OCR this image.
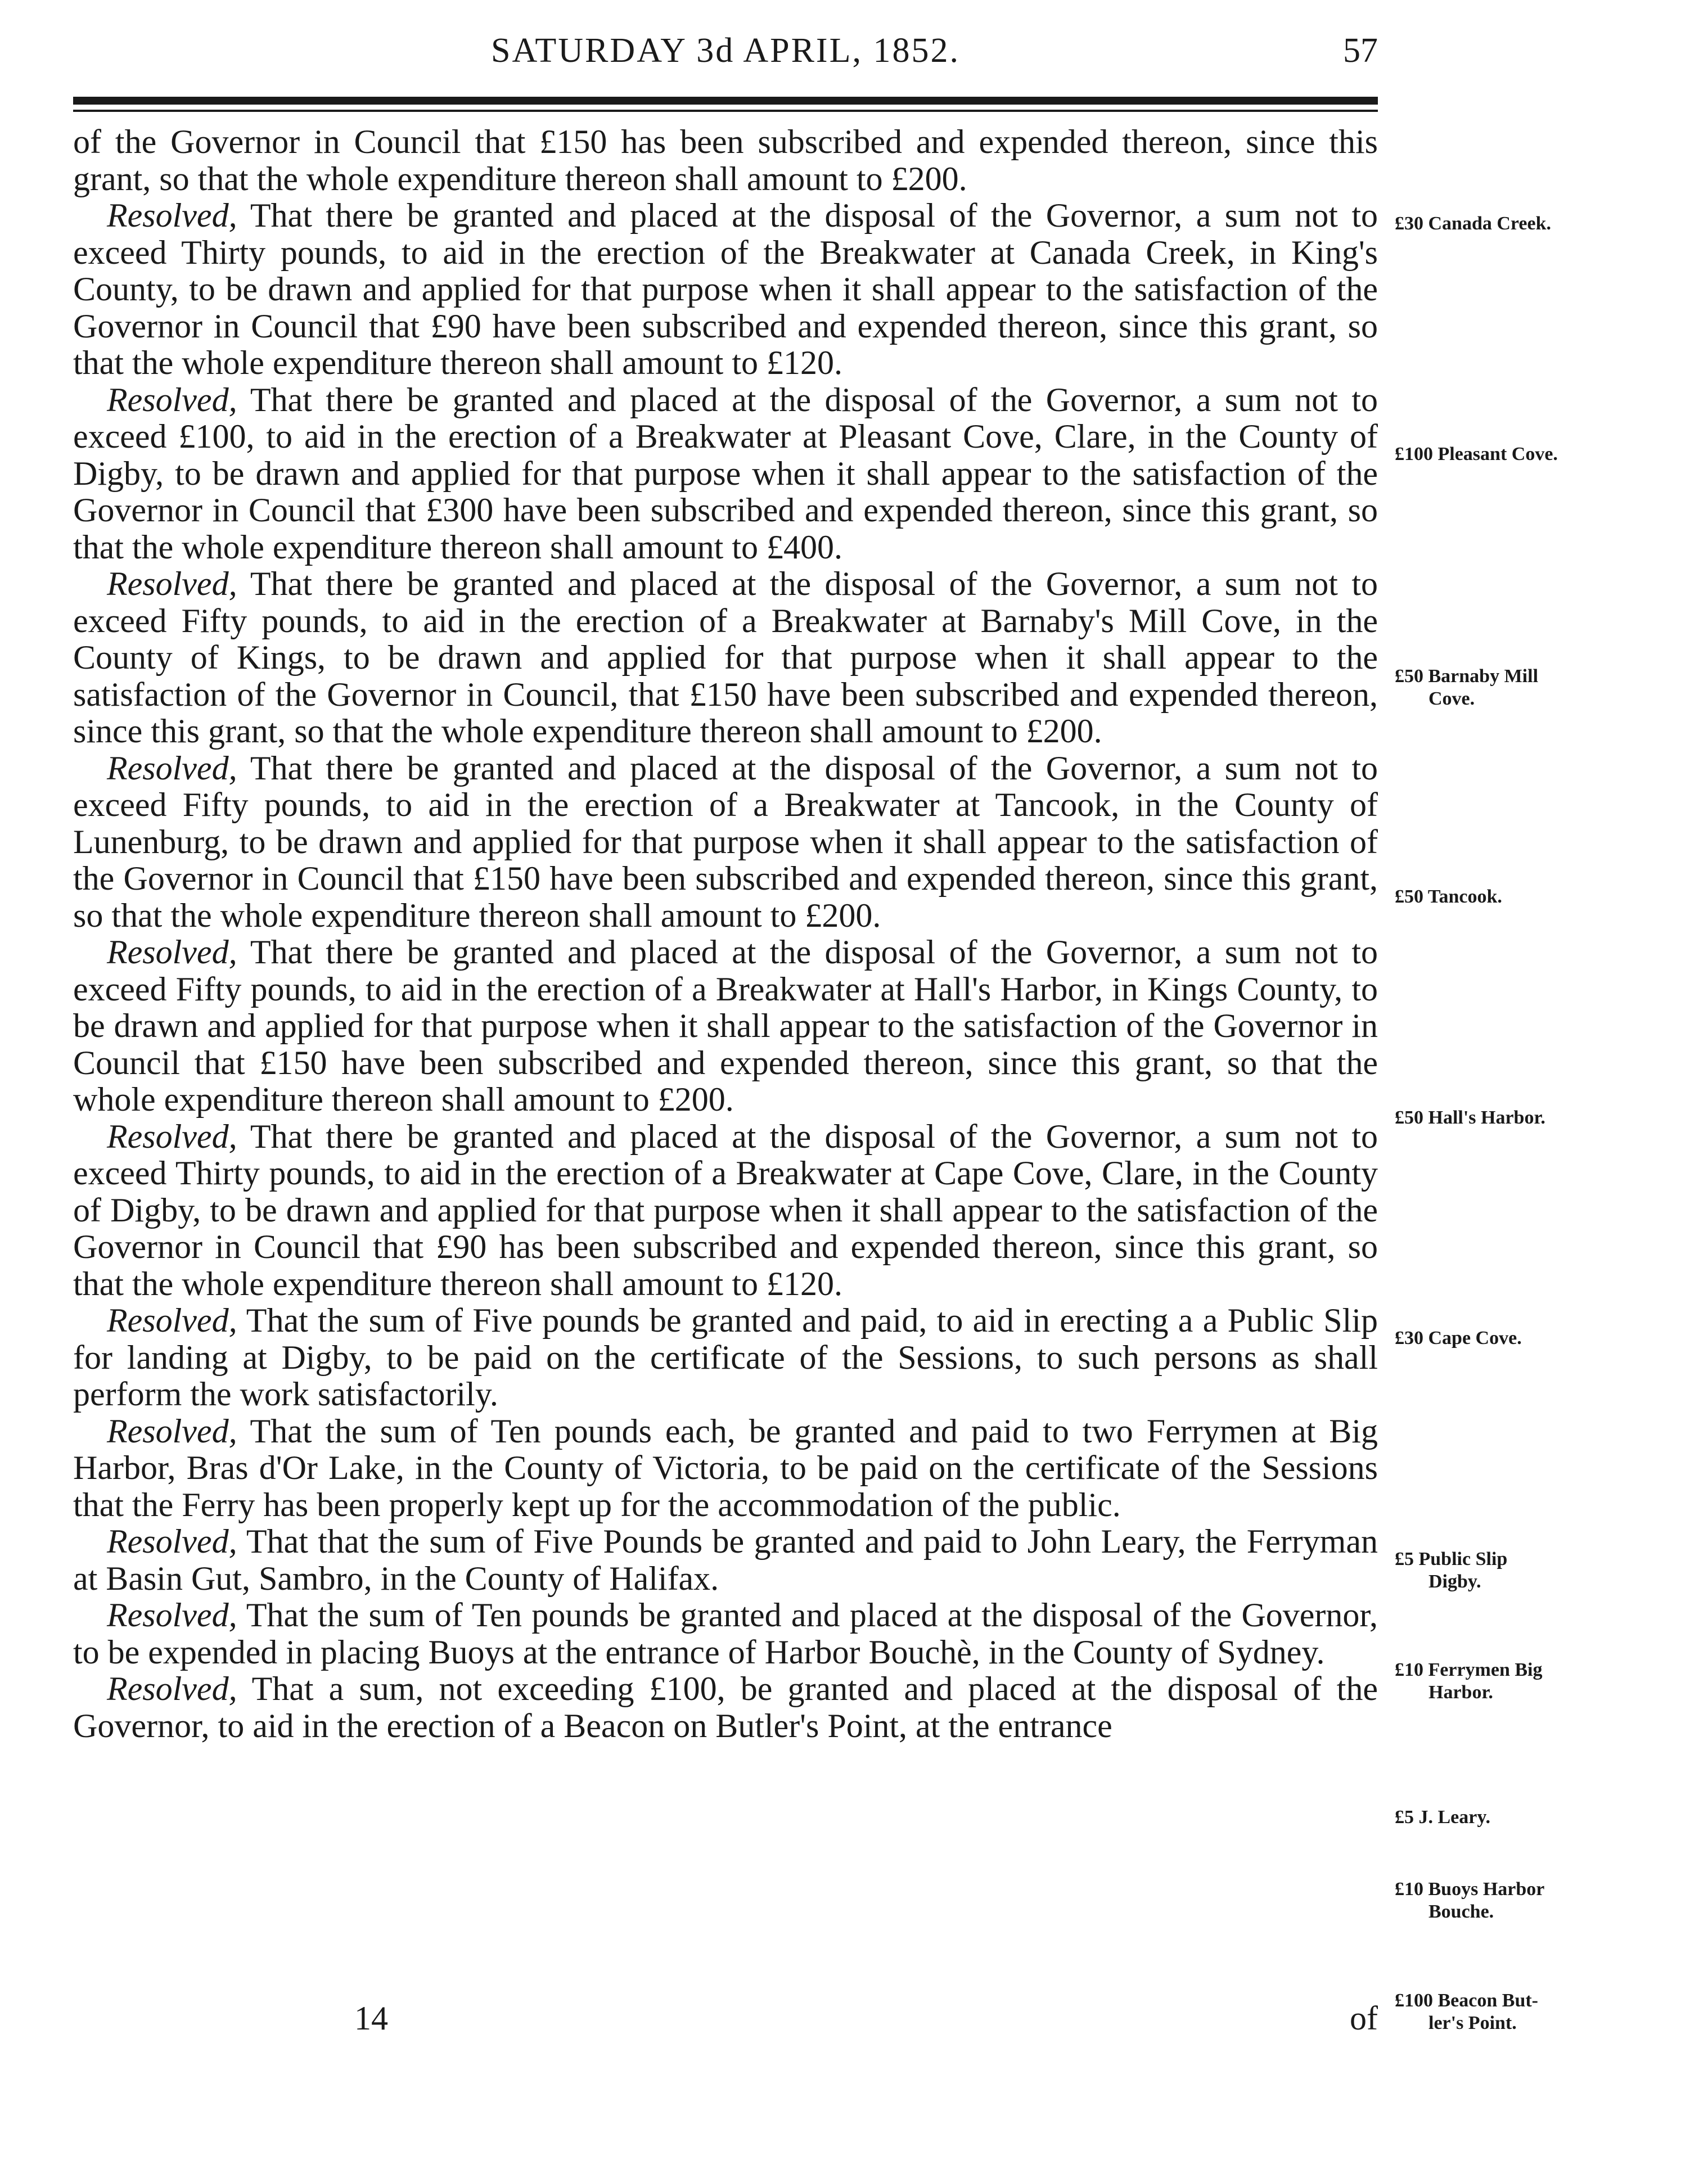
SATURDAY 3d APRIL, 1852.	57

of the Governor in Council that £150 has been subscribed and expended thereon, since this grant, so that the whole expenditure thereon shall amount to £200.

Resolved, That there be granted and placed at the disposal of the Governor, a sum not to exceed Thirty pounds, to aid in the erection of the Breakwater at Canada Creek, in King's County, to be drawn and applied for that purpose when it shall appear to the satisfaction of the Governor in Council that £90 have been subscribed and expended thereon, since this grant, so that the whole expenditure thereon shall amount to £120.

Resolved, That there be granted and placed at the disposal of the Governor, a sum not to exceed £100, to aid in the erection of a Breakwater at Pleasant Cove, Clare, in the County of Digby, to be drawn and applied for that purpose when it shall appear to the satisfaction of the Governor in Council that £300 have been subscribed and expended thereon, since this grant, so that the whole expenditure thereon shall amount to £400.

Resolved, That there be granted and placed at the disposal of the Governor, a sum not to exceed Fifty pounds, to aid in the erection of a Breakwater at Barnaby's Mill Cove, in the County of Kings, to be drawn and applied for that purpose when it shall appear to the satisfaction of the Governor in Council, that £150 have been subscribed and expended thereon, since this grant, so that the whole expenditure thereon shall amount to £200.

Resolved, That there be granted and placed at the disposal of the Governor, a sum not to exceed Fifty pounds, to aid in the erection of a Breakwater at Tancook, in the County of Lunenburg, to be drawn and applied for that purpose when it shall appear to the satisfaction of the Governor in Council that £150 have been subscribed and expended thereon, since this grant, so that the whole expenditure thereon shall amount to £200.

Resolved, That there be granted and placed at the disposal of the Governor, a sum not to exceed Fifty pounds, to aid in the erection of a Breakwater at Hall's Harbor, in Kings County, to be drawn and applied for that purpose when it shall appear to the satisfaction of the Governor in Council that £150 have been subscribed and expended thereon, since this grant, so that the whole expenditure thereon shall amount to £200.

Resolved, That there be granted and placed at the disposal of the Governor, a sum not to exceed Thirty pounds, to aid in the erection of a Breakwater at Cape Cove, Clare, in the County of Digby, to be drawn and applied for that purpose when it shall appear to the satisfaction of the Governor in Council that £90 has been subscribed and expended thereon, since this grant, so that the whole expenditure thereon shall amount to £120.

Resolved, That the sum of Five pounds be granted and paid, to aid in erecting a a Public Slip for landing at Digby, to be paid on the certificate of the Sessions, to such persons as shall perform the work satisfactorily.

Resolved, That the sum of Ten pounds each, be granted and paid to two Ferrymen at Big Harbor, Bras d'Or Lake, in the County of Victoria, to be paid on the certificate of the Sessions that the Ferry has been properly kept up for the accommodation of the public.

Resolved, That that the sum of Five Pounds be granted and paid to John Leary, the Ferryman at Basin Gut, Sambro, in the County of Halifax.

Resolved, That the sum of Ten pounds be granted and placed at the disposal of the Governor, to be expended in placing Buoys at the entrance of Harbor Bouchè, in the County of Sydney.

Resolved, That a sum, not exceeding £100, be granted and placed at the disposal of the Governor, to aid in the erection of a Beacon on Butler's Point, at the entrance

£30 Canada Creek.
£100 Pleasant Cove.
£50 Barnaby Mill
Cove.
£50 Tancook.
£50 Hall's Harbor.
£30 Cape Cove.
£5 Public Slip
Digby.
£10 Ferrymen Big
Harbor.
£5 J. Leary.
£10 Buoys Harbor
Bouche.
£100 Beacon But-
ler's Point.
14	of
